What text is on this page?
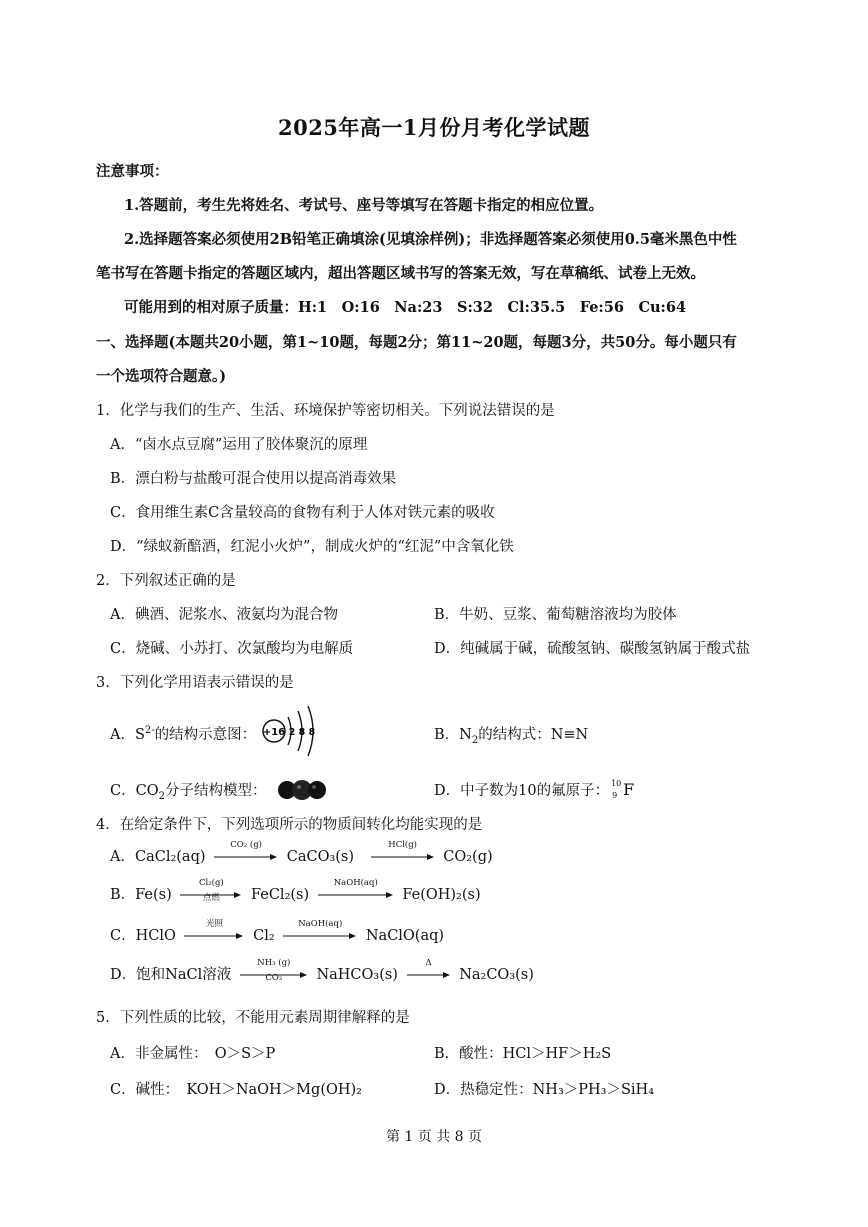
2025年高一1月份月考化学试题
注意事项：
1.答题前，考生先将姓名、考试号、座号等填写在答题卡指定的相应位置。
2.选择题答案必须使用2B铅笔正确填涂(见填涂样例)；非选择题答案必须使用0.5毫米黑色中性
笔书写在答题卡指定的答题区域内，超出答题区域书写的答案无效，写在草稿纸、试卷上无效。
可能用到的相对原子质量：H:1　O:16　Na:23　S:32　Cl:35.5　Fe:56　Cu:64
一、选择题(本题共20小题，第1~10题，每题2分；第11~20题，每题3分，共50分。每小题只有
一个选项符合题意。)
1．化学与我们的生产、生活、环境保护等密切相关。下列说法错误的是
A．“卤水点豆腐”运用了胶体聚沉的原理
B．漂白粉与盐酸可混合使用以提高消毒效果
C．食用维生素C含量较高的食物有利于人体对铁元素的吸收
D．“绿蚁新醅酒，红泥小火炉”，制成火炉的“红泥”中含氧化铁
2．下列叙述正确的是
A．碘酒、泥浆水、液氨均为混合物	B．牛奶、豆浆、葡萄糖溶液均为胶体
C．烧碱、小苏打、次氯酸均为电解质	D．纯碱属于碱，硫酸氢钠、碳酸氢钠属于酸式盐
3．下列化学用语表示错误的是
A．$S^{2-}$的结构示意图： +16 2 8 8	B．$N_2$的结构式：N≡N
C．$CO_2$分子结构模型：	D．中子数为10的氟原子： 10
9 F
4．在给定条件下，下列选项所示的物质间转化均能实现的是
A．CaCl₂(aq)
CO₂ (g)
CaCO₃(s)
HCl(g)
CO₂(g)
B．Fe(s)
Cl₂(g)
点燃	FeCl₂(s)
NaOH(aq)
Fe(OH)₂(s)
C．HClO
光照
Cl₂
NaOH(aq)
NaClO(aq)
D．饱和NaCl溶液
NH₃ (g)
CO₂	NaHCO₃(s)
Δ
Na₂CO₃(s)
5．下列性质的比较，不能用元素周期律解释的是
A．非金属性：　O＞S＞P	B．酸性：HCl＞HF＞H₂S
C．碱性：　KOH＞NaOH＞Mg(OH)₂	D．热稳定性：NH₃＞PH₃＞SiH₄
第 1 页 共 8 页
